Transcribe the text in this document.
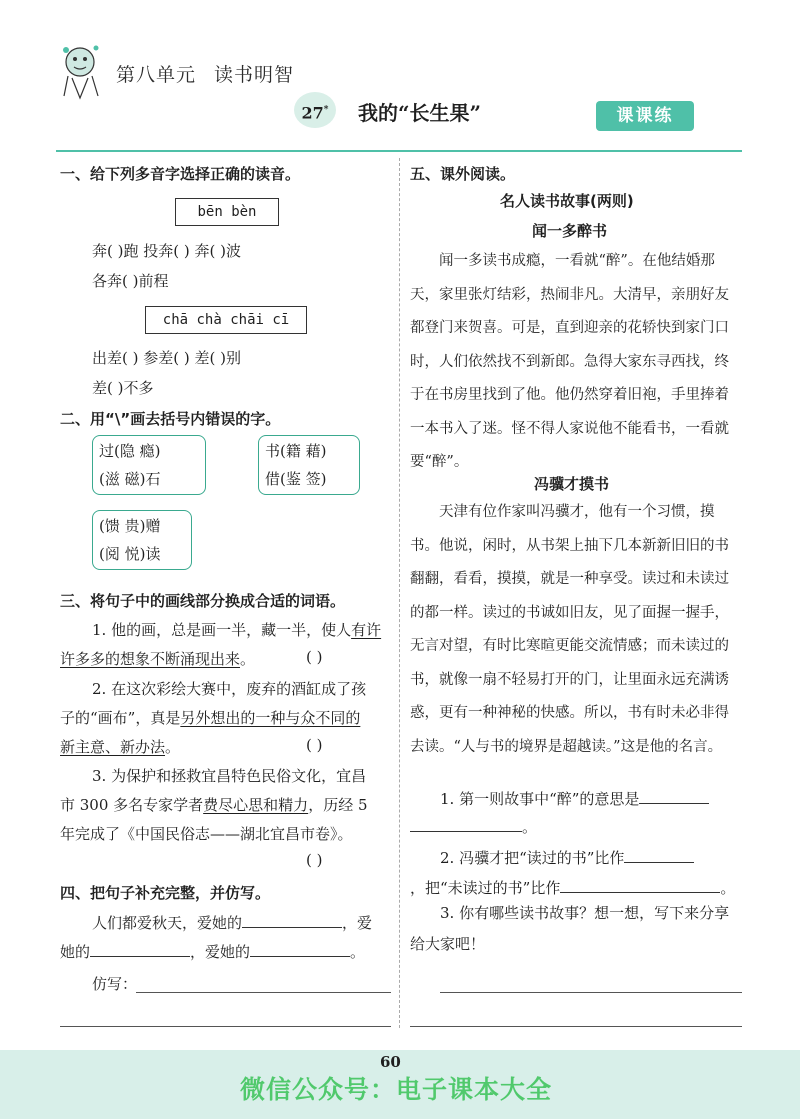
第八单元 读书明智
27*	我的“长生果”	课课练
一、给下列多音字选择正确的读音。
bēn bèn
奔( )跑 投奔( ) 奔( )波
各奔( )前程
chā chà chāi cī
出差( ) 参差( ) 差( )别
差( )不多
二、用“\”画去括号内错误的字。
过(隐 瘾)
(滋 磁)石
书(籍 藉)
借(鉴 签)
(馈 贵)赠
(阅 悦)读
三、将句子中的画线部分换成合适的词语。
1. 他的画，总是画一半，藏一半，使人有许
许多多的想象不断涌现出来。	( )
2. 在这次彩绘大赛中，废弃的酒缸成了孩
子的“画布”，真是另外想出的一种与众不同的
新主意、新办法。	( )
3. 为保护和拯救宜昌特色民俗文化，宜昌
市 300 多名专家学者费尽心思和精力，历经 5
年完成了《中国民俗志——湖北宜昌市卷》。
( )
四、把句子补充完整，并仿写。
人们都爱秋天，爱她的	，爱
她的	，爱她的	。
仿写：
五、课外阅读。
名人读书故事(两则)
闻一多醉书
闻一多读书成瘾，一看就“醉”。在他结婚那天，家里张灯结彩，热闹非凡。大清早，亲朋好友都登门来贺喜。可是，直到迎亲的花轿快到家门口时，人们依然找不到新郎。急得大家东寻西找，终于在书房里找到了他。他仍然穿着旧袍，手里捧着一本书入了迷。怪不得人家说他不能看书，一看就要“醉”。
冯骥才摸书
天津有位作家叫冯骥才，他有一个习惯，摸书。他说，闲时，从书架上抽下几本新新旧旧的书翻翻，看看，摸摸，就是一种享受。读过和未读过的都一样。读过的书诚如旧友，见了面握一握手，无言对望，有时比寒暄更能交流情感；而未读过的书，就像一扇不轻易打开的门，让里面永远充满诱惑，更有一种神秘的快感。所以，书有时未必非得去读。“人与书的境界是超越读。”这是他的名言。
1. 第一则故事中“醉”的意思是
。
2. 冯骥才把“读过的书”比作
，把“未读过的书”比作	。
3. 你有哪些读书故事？想一想，写下来分享给大家吧！
60
微信公众号：电子课本大全
